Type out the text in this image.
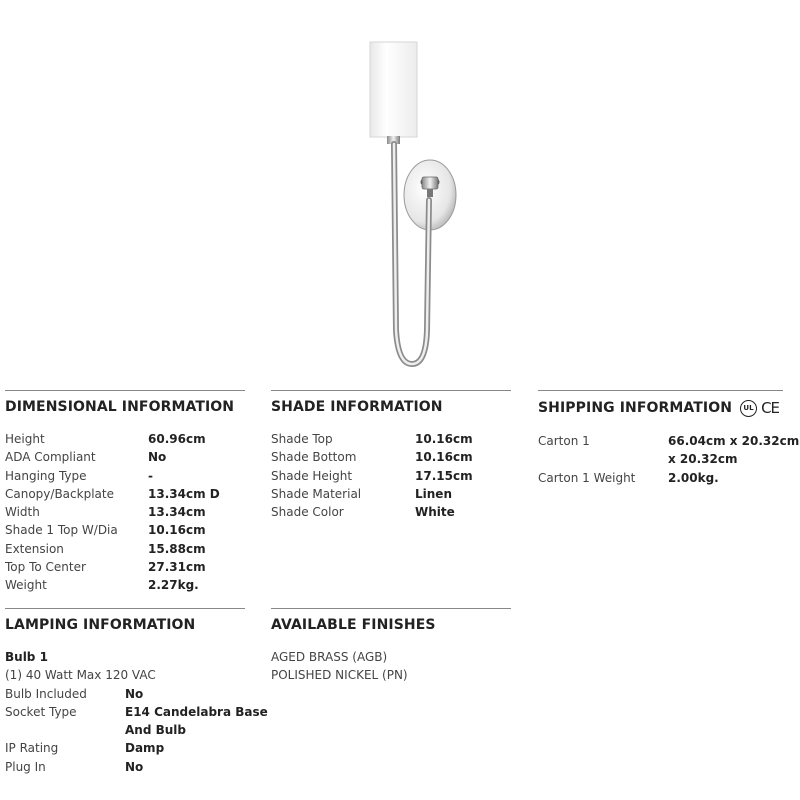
DIMENSIONAL INFORMATION
Height	60.96cm
ADA Compliant	No
Hanging Type	-
Canopy/Backplate	13.34cm D
Width	13.34cm
Shade 1 Top W/Dia	10.16cm
Extension	15.88cm
Top To Center	27.31cm
Weight	2.27kg.
SHADE INFORMATION
Shade Top	10.16cm
Shade Bottom	10.16cm
Shade Height	17.15cm
Shade Material	Linen
Shade Color	White
SHIPPING INFORMATION	UL CE
Carton 1	66.04cm x 20.32cm
x 20.32cm
Carton 1 Weight	2.00kg.
LAMPING INFORMATION
Bulb 1
(1) 40 Watt Max 120 VAC
Bulb Included	No
Socket Type	E14 Candelabra Base
And Bulb
IP Rating	Damp
Plug In	No
AVAILABLE FINISHES
AGED BRASS (AGB)
POLISHED NICKEL (PN)
